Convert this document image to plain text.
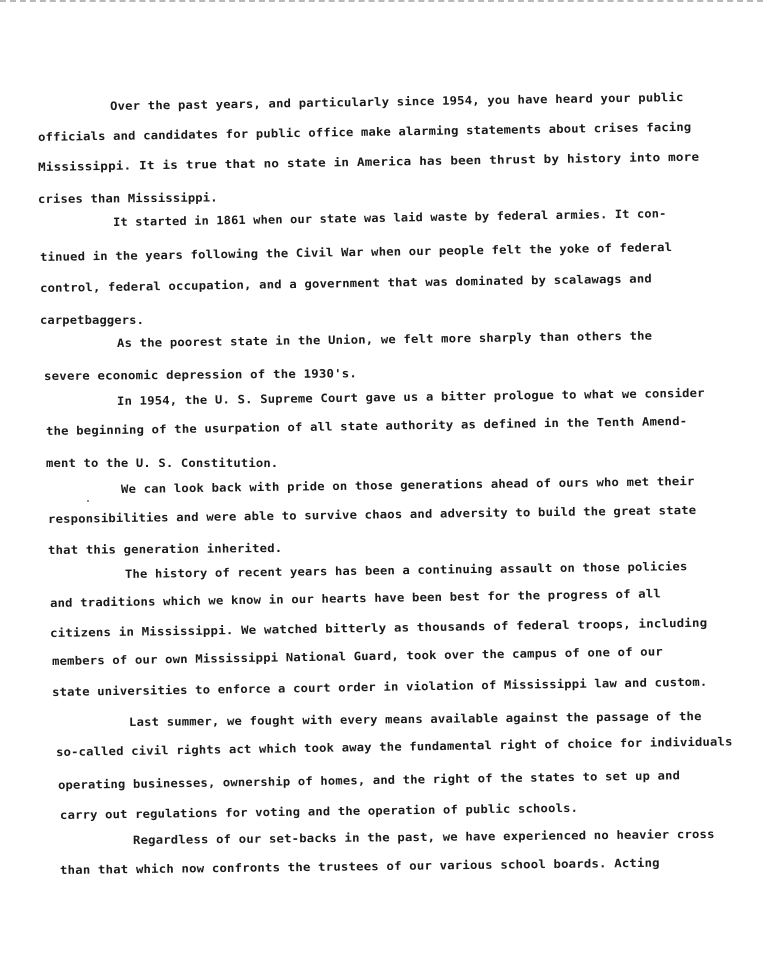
Over the past years, and particularly since 1954, you have heard your public
officials and candidates for public office make alarming statements about crises facing
Mississippi. It is true that no state in America has been thrust by history into more
crises than Mississippi.
It started in 1861 when our state was laid waste by federal armies. It con-
tinued in the years following the Civil War when our people felt the yoke of federal
control, federal occupation, and a government that was dominated by scalawags and
carpetbaggers.
As the poorest state in the Union, we felt more sharply than others the
severe economic depression of the 1930's.
In 1954, the U. S. Supreme Court gave us a bitter prologue to what we consider
the beginning of the usurpation of all state authority as defined in the Tenth Amend-
ment to the U. S. Constitution.
We can look back with pride on those generations ahead of ours who met their
responsibilities and were able to survive chaos and adversity to build the great state
that this generation inherited.
The history of recent years has been a continuing assault on those policies
and traditions which we know in our hearts have been best for the progress of all
citizens in Mississippi. We watched bitterly as thousands of federal troops, including
members of our own Mississippi National Guard, took over the campus of one of our
state universities to enforce a court order in violation of Mississippi law and custom.
Last summer, we fought with every means available against the passage of the
so-called civil rights act which took away the fundamental right of choice for individuals
operating businesses, ownership of homes, and the right of the states to set up and
carry out regulations for voting and the operation of public schools.
Regardless of our set-backs in the past, we have experienced no heavier cross
than that which now confronts the trustees of our various school boards. Acting
